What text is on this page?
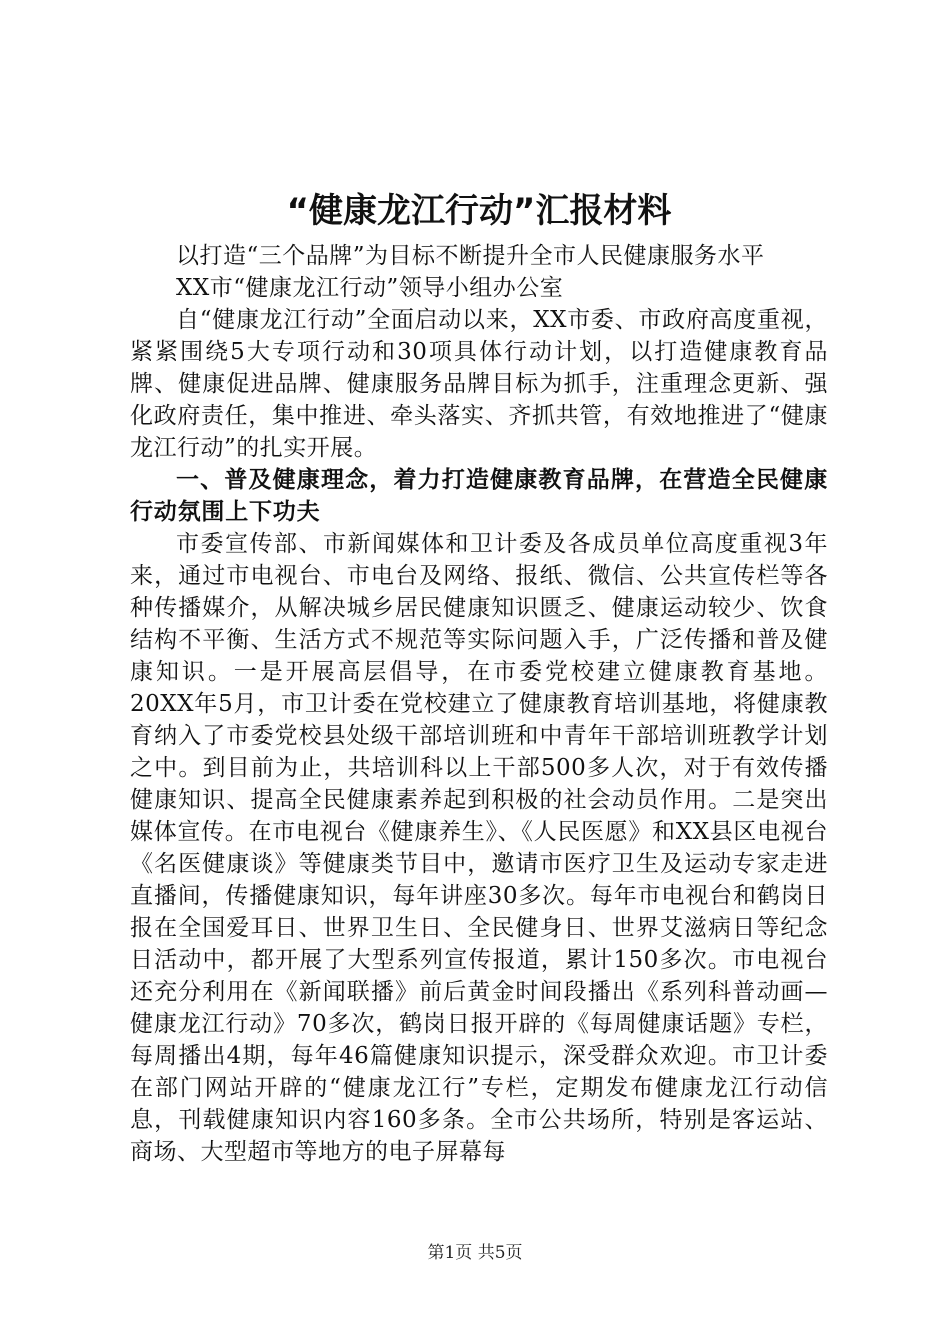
“健康龙江行动”汇报材料

以打造“三个品牌”为目标不断提升全市人民健康服务水平

XX市“健康龙江行动”领导小组办公室

自“健康龙江行动”全面启动以来，XX市委、市政府高度重视，紧紧围绕5大专项行动和30项具体行动计划，以打造健康教育品牌、健康促进品牌、健康服务品牌目标为抓手，注重理念更新、强化政府责任，集中推进、牵头落实、齐抓共管，有效地推进了“健康龙江行动”的扎实开展。

一、普及健康理念，着力打造健康教育品牌，在营造全民健康行动氛围上下功夫

市委宣传部、市新闻媒体和卫计委及各成员单位高度重视3年来，通过市电视台、市电台及网络、报纸、微信、公共宣传栏等各种传播媒介，从解决城乡居民健康知识匮乏、健康运动较少、饮食结构不平衡、生活方式不规范等实际问题入手，广泛传播和普及健康知识。一是开展高层倡导，在市委党校建立健康教育基地。20XX年5月，市卫计委在党校建立了健康教育培训基地，将健康教育纳入了市委党校县处级干部培训班和中青年干部培训班教学计划之中。到目前为止，共培训科以上干部500多人次，对于有效传播健康知识、提高全民健康素养起到积极的社会动员作用。二是突出媒体宣传。在市电视台《健康养生》、《人民医愿》和XX县区电视台《名医健康谈》等健康类节目中，邀请市医疗卫生及运动专家走进直播间，传播健康知识，每年讲座30多次。每年市电视台和鹤岗日报在全国爱耳日、世界卫生日、全民健身日、世界艾滋病日等纪念日活动中，都开展了大型系列宣传报道，累计150多次。市电视台还充分利用在《新闻联播》前后黄金时间段播出《系列科普动画—健康龙江行动》70多次，鹤岗日报开辟的《每周健康话题》专栏，每周播出4期，每年46篇健康知识提示，深受群众欢迎。市卫计委在部门网站开辟的“健康龙江行”专栏，定期发布健康龙江行动信息，刊载健康知识内容160多条。全市公共场所，特别是客运站、商场、大型超市等地方的电子屏幕每

第1页 共5页
